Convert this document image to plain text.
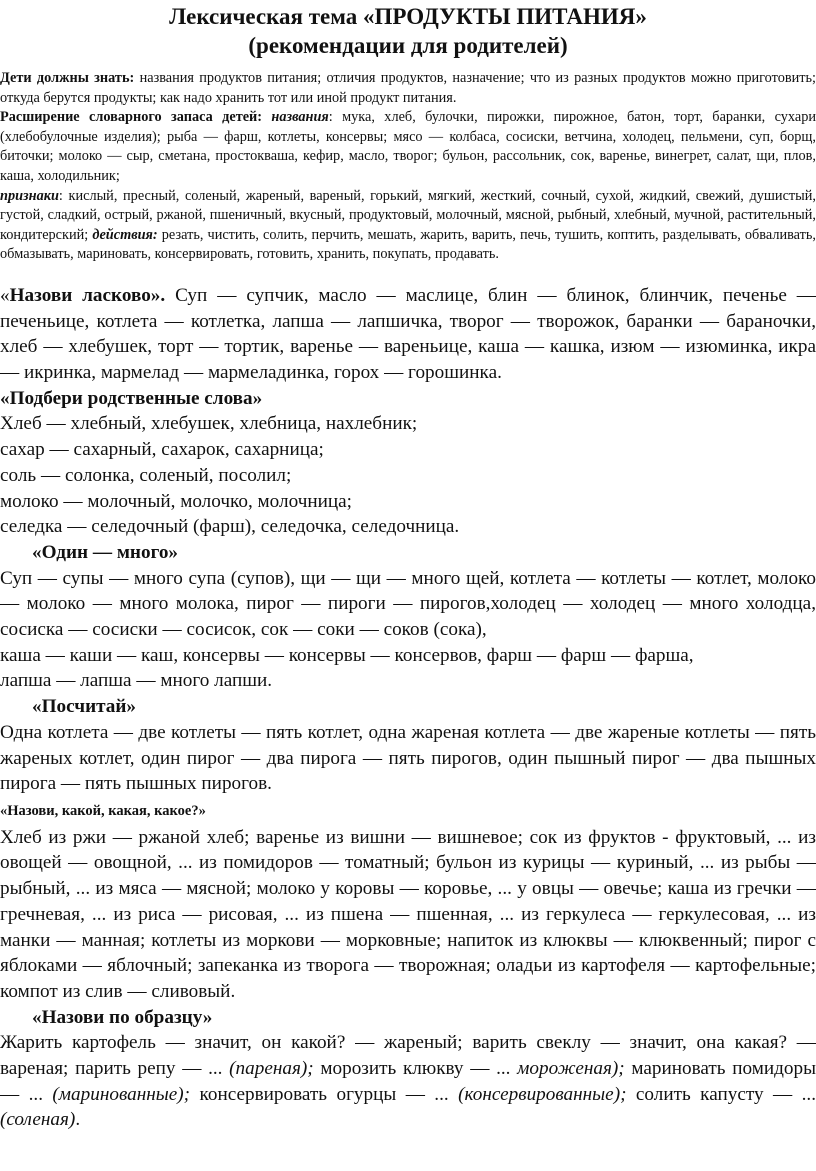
Лексическая тема «ПРОДУКТЫ ПИТАНИЯ»
(рекомендации для родителей)

Дети должны знать: названия продуктов питания; отличия продуктов, назначение; что из разных продуктов можно приготовить; откуда берутся продукты; как надо хранить тот или иной продукт питания.

Расширение словарного запаса детей: названия: мука, хлеб, булочки, пирожки, пирожное, батон, торт, баранки, сухари (хлебобулочные изделия); рыба — фарш, котлеты, консервы; мясо — колбаса, сосиски, ветчина, холодец, пельмени, суп, борщ, биточки; молоко — сыр, сметана, простокваша, кефир, масло, творог; бульон, рассольник, сок, варенье, винегрет, салат, щи, плов, каша, холодильник;
признаки: кислый, пресный, соленый, жареный, вареный, горький, мягкий, жесткий, сочный, сухой, жидкий, свежий, душистый, густой, сладкий, острый, ржаной, пшеничный, вкусный, продуктовый, молочный, мясной, рыбный, хлебный, мучной, растительный, кондитерский; действия: резать, чистить, солить, перчить, мешать, жарить, варить, печь, тушить, коптить, разделывать, обваливать, обмазывать, мариновать, консервировать, готовить, хранить, покупать, продавать.

«Назови ласково». Суп — супчик, масло — маслице, блин — блинок, блинчик, печенье — печеньице, котлета — котлетка, лапша — лапшичка, творог — творожок, баранки — бараночки, хлеб — хлебушек, торт — тортик, варенье — вареньице, каша — кашка, изюм — изюминка, икра — икринка, мармелад — мармеладинка, горох — горошинка.

«Подбери родственные слова»

Хлеб — хлебный, хлебушек, хлебница, нахлебник;

сахар — сахарный, сахарок, сахарница;

соль — солонка, соленый, посолил;

молоко — молочный, молочко, молочница;

селедка — селедочный (фарш), селедочка, селедочница.

«Один — много»

Суп — супы — много супа (супов), щи — щи — много щей, котлета — котлеты — котлет, молоко — молоко — много молока, пирог — пироги — пирогов,холодец — холодец — много холодца, сосиска — сосиски — сосисок, сок — соки — соков (сока),

каша — каши — каш, консервы — консервы — консервов, фарш — фарш — фарша,

лапша — лапша — много лапши.

«Посчитай»

Одна котлета — две котлеты — пять котлет, одна жареная котлета — две жареные котлеты — пять жареных котлет, один пирог — два пирога — пять пирогов, один пышный пирог — два пышных пирога — пять пышных пирогов.

«Назови, какой, какая, какое?»

Хлеб из ржи — ржаной хлеб; варенье из вишни — вишневое; сок из фруктов - фруктовый, ... из овощей — овощной, ... из помидоров — томатный; бульон из курицы — куриный, ... из рыбы — рыбный, ... из мяса — мясной; молоко у коровы — коровье, ... у овцы — овечье; каша из гречки — гречневая, ... из риса — рисовая, ... из пшена — пшенная, ... из геркулеса — геркулесовая, ... из манки — манная; котлеты из моркови — морковные; напиток из клюквы — клюквенный; пирог с яблоками — яблочный; запеканка из творога — творожная; оладьи из картофеля — картофельные; компот из слив — сливовый.

«Назови по образцу»

Жарить картофель — значит, он какой? — жареный; варить свеклу — значит, она какая? — вареная; парить репу — ... (пареная); морозить клюкву — ... мороженая); мариновать помидоры — ... (маринованные); консервировать огурцы — ... (консервированные); солить капусту — ... (соленая).
